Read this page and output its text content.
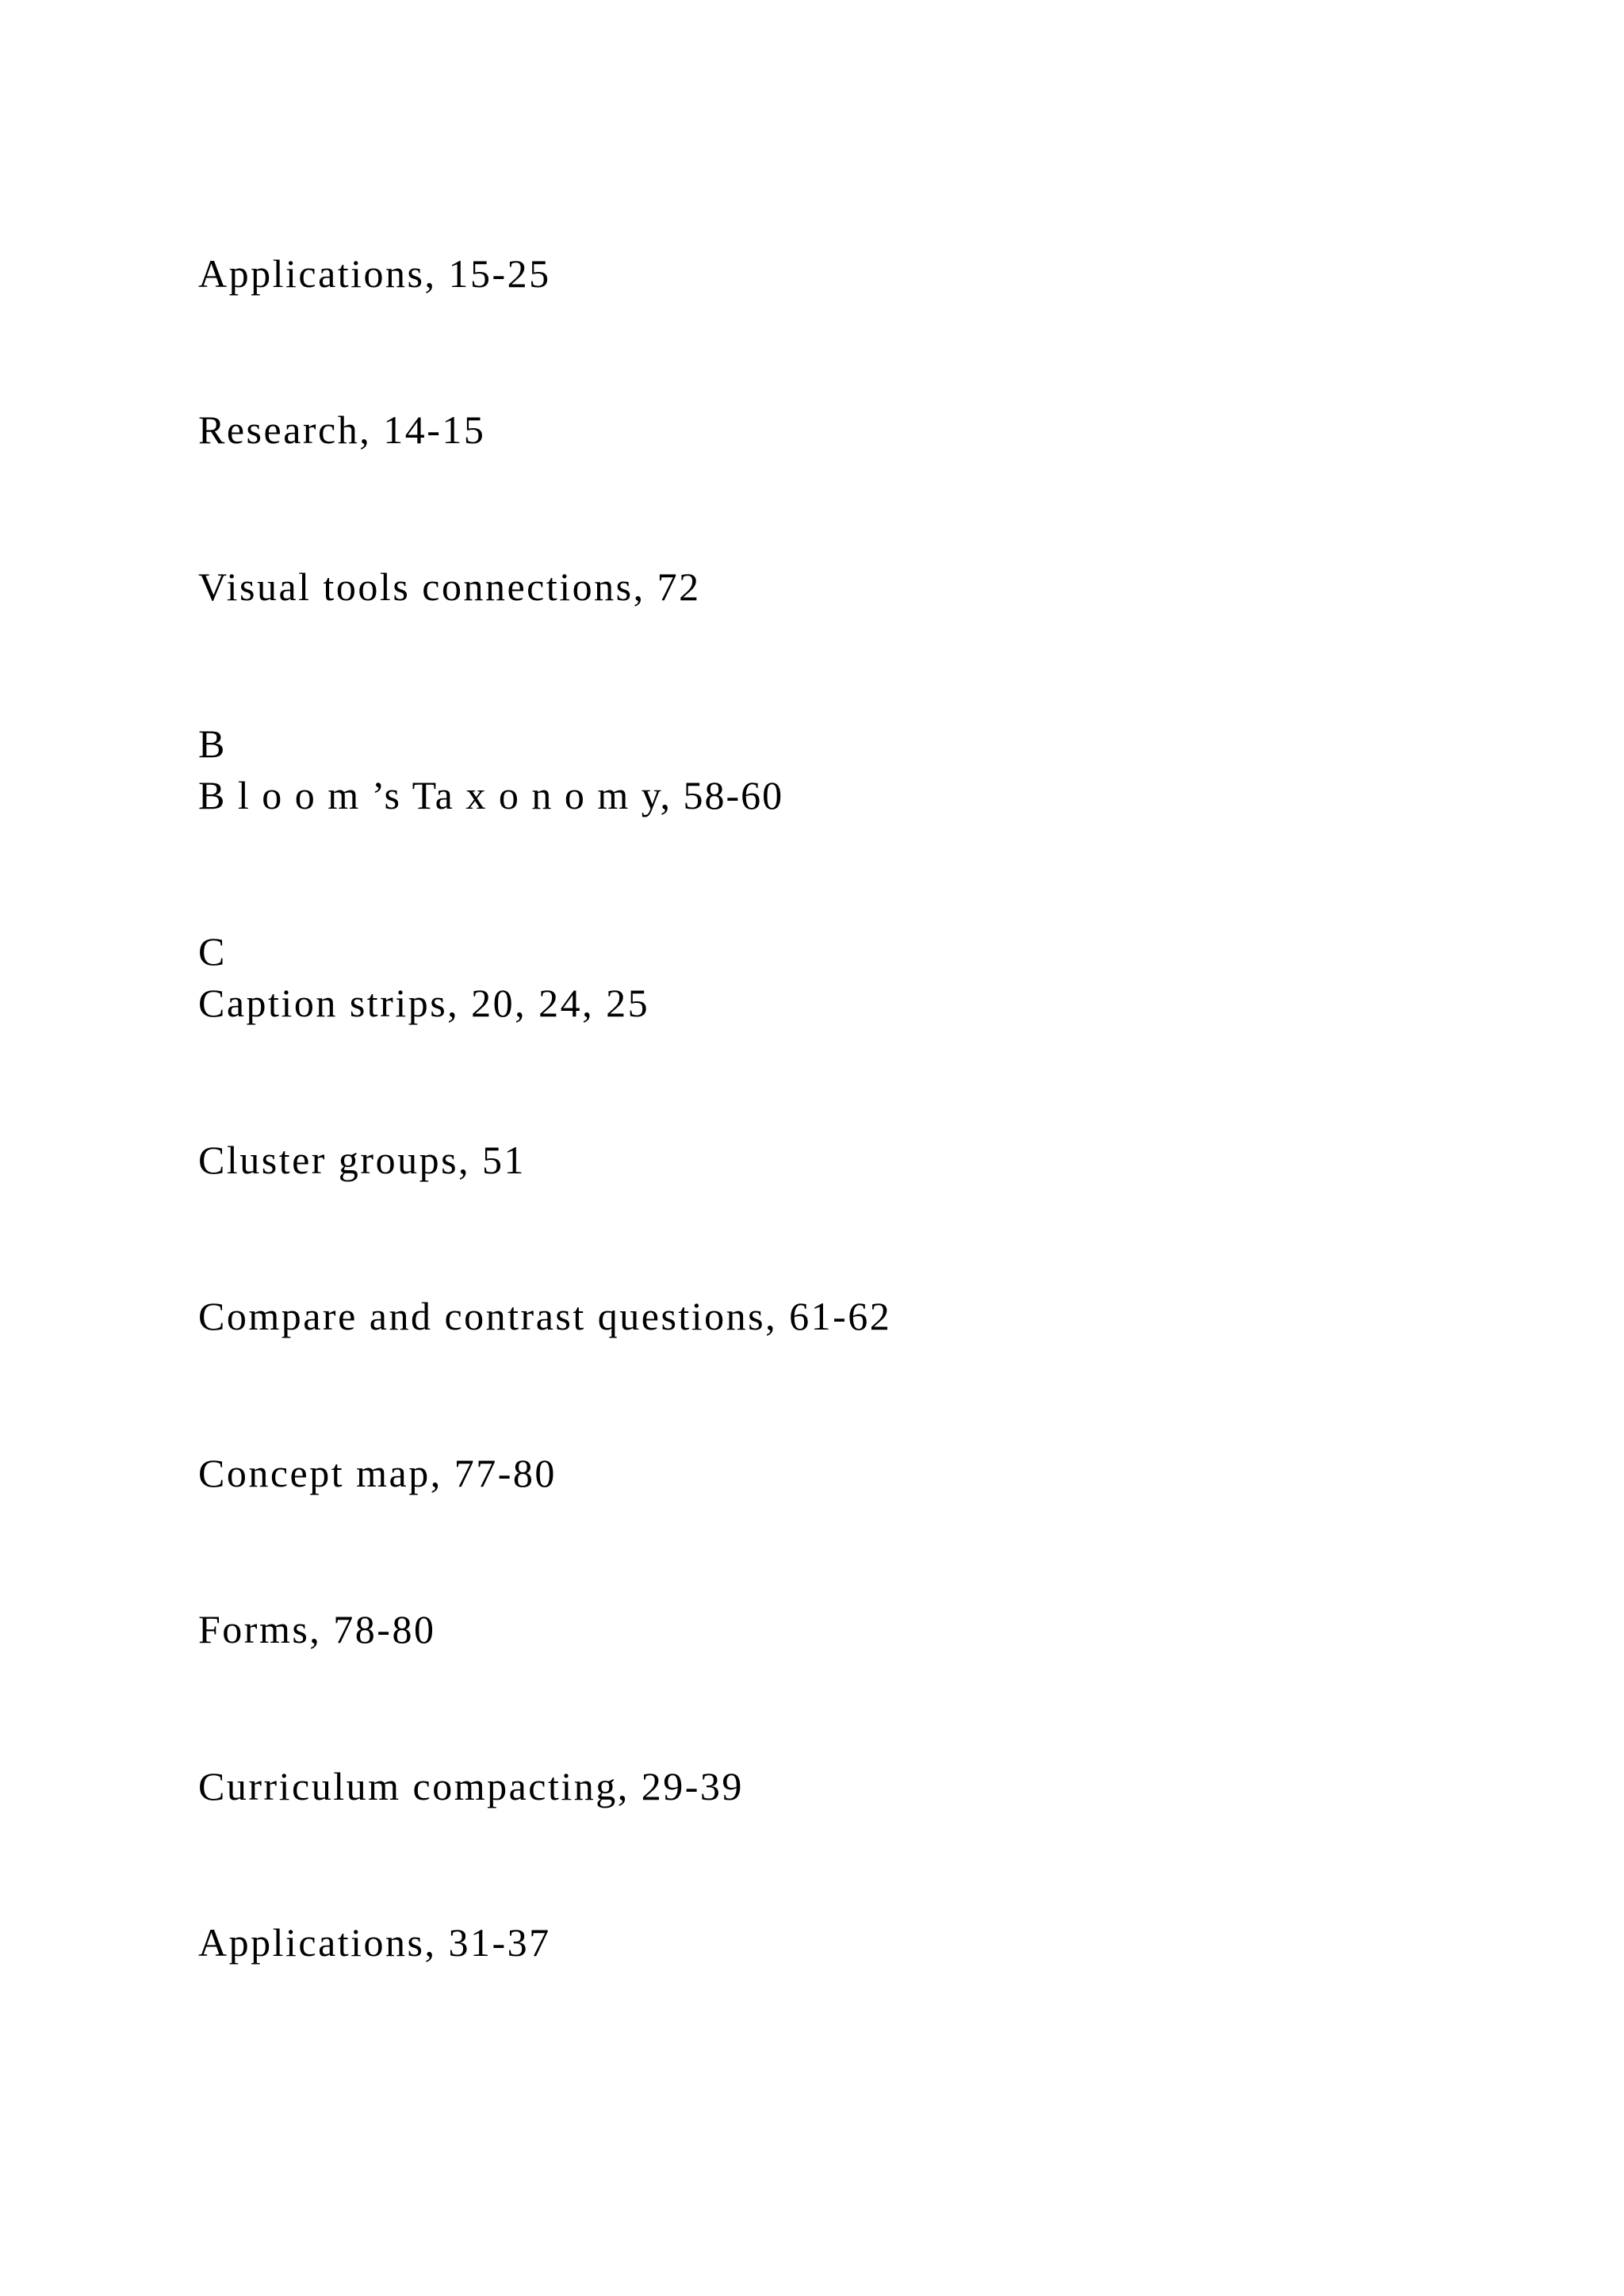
Applications, 15-25

Research, 14-15

Visual tools connections, 72

B

B l o o m ’s Ta x o n o m y, 58-60

C

Caption strips, 20, 24, 25

Cluster groups, 51

Compare and contrast questions, 61-62

Concept map, 77-80

Forms, 78-80

Curriculum compacting, 29-39

Applications, 31-37
